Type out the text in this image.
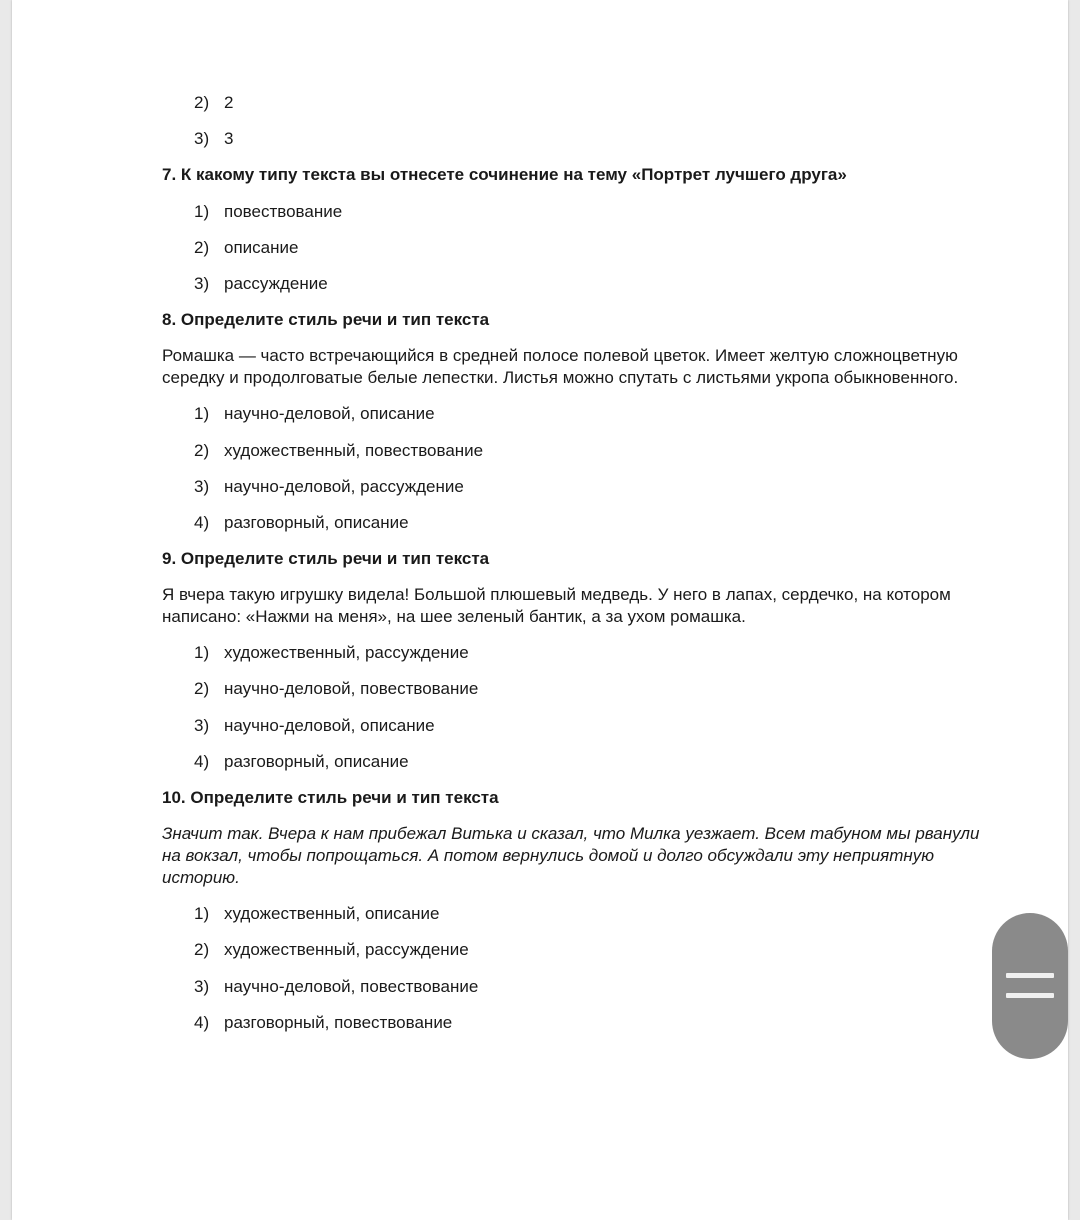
2) 2
3) 3
7. К какому типу текста вы отнесете сочинение на тему «Портрет лучшего друга»
1) повествование
2) описание
3) рассуждение
8. Определите стиль речи и тип текста
Ромашка — часто встречающийся в средней полосе полевой цветок. Имеет желтую сложноцветную середку и продолговатые белые лепестки. Листья можно спутать с листьями укропа обыкновенного.
1) научно-деловой, описание
2) художественный, повествование
3) научно-деловой, рассуждение
4) разговорный, описание
9. Определите стиль речи и тип текста
Я вчера такую игрушку видела! Большой плюшевый медведь. У него в лапах, сердечко, на котором написано: «Нажми на меня», на шее зеленый бантик, а за ухом ромашка.
1) художественный, рассуждение
2) научно-деловой, повествование
3) научно-деловой, описание
4) разговорный, описание
10. Определите стиль речи и тип текста
Значит так. Вчера к нам прибежал Витька и сказал, что Милка уезжает. Всем табуном мы рванули на вокзал, чтобы попрощаться. А потом вернулись домой и долго обсуждали эту неприятную историю.
1) художественный, описание
2) художественный, рассуждение
3) научно-деловой, повествование
4) разговорный, повествование
